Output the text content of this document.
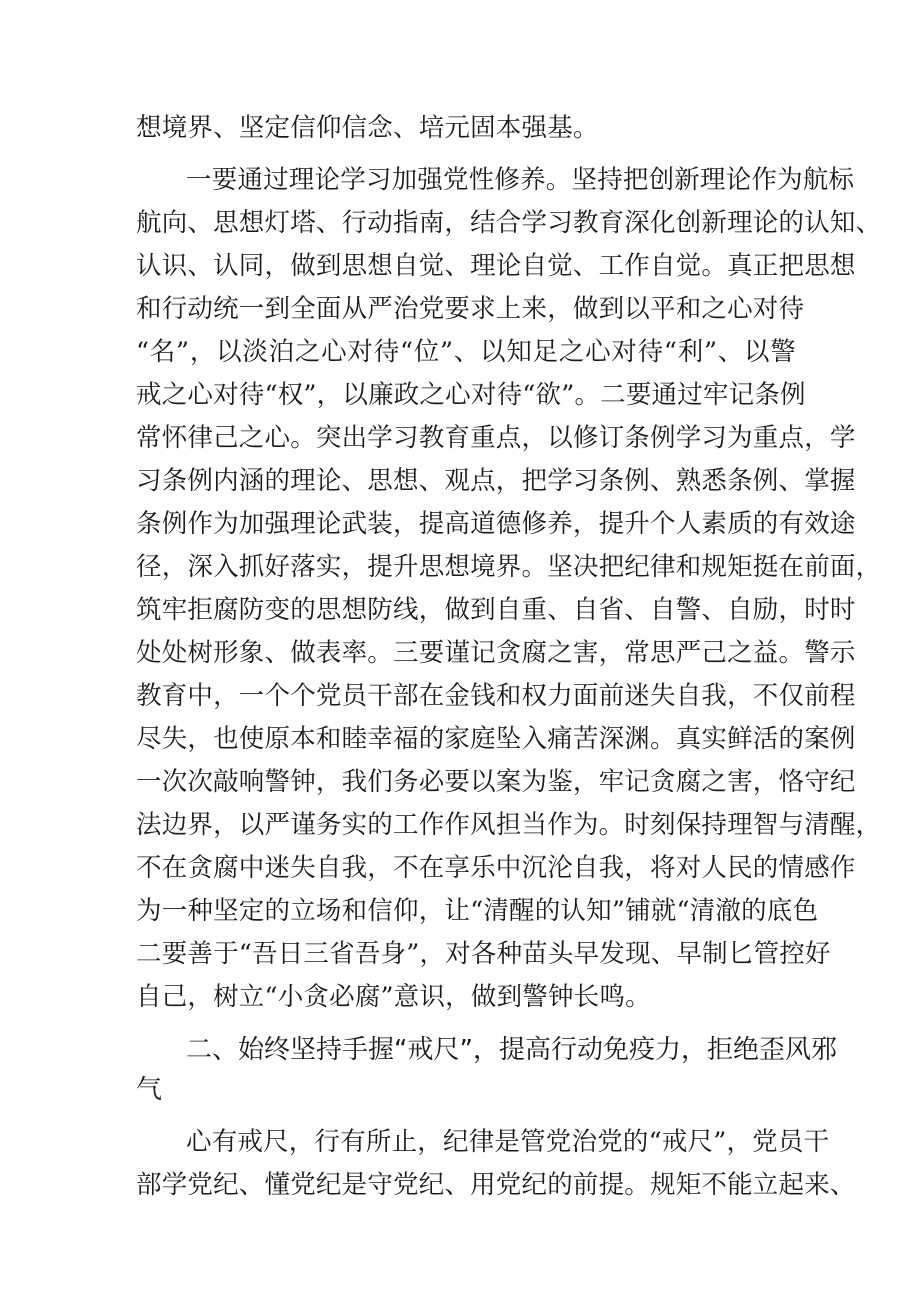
想境界、坚定信仰信念、培元固本强基。
一要通过理论学习加强党性修养。坚持把创新理论作为航标
航向、思想灯塔、行动指南，结合学习教育深化创新理论的认知、
认识、认同，做到思想自觉、理论自觉、工作自觉。真正把思想
和行动统一到全面从严治党要求上来，做到以平和之心对待
“名”，以淡泊之心对待“位”、以知足之心对待“利”、以警
戒之心对待“权”，以廉政之心对待“欲”。二要通过牢记条例
常怀律己之心。突出学习教育重点，以修订条例学习为重点，学
习条例内涵的理论、思想、观点，把学习条例、熟悉条例、掌握
条例作为加强理论武装，提高道德修养，提升个人素质的有效途
径，深入抓好落实，提升思想境界。坚决把纪律和规矩挺在前面，
筑牢拒腐防变的思想防线，做到自重、自省、自警、自励，时时
处处树形象、做表率。三要谨记贪腐之害，常思严己之益。警示
教育中，一个个党员干部在金钱和权力面前迷失自我，不仅前程
尽失，也使原本和睦幸福的家庭坠入痛苦深渊。真实鲜活的案例
一次次敲响警钟，我们务必要以案为鉴，牢记贪腐之害，恪守纪
法边界，以严谨务实的工作作风担当作为。时刻保持理智与清醒，
不在贪腐中迷失自我，不在享乐中沉沦自我，将对人民的情感作
为一种坚定的立场和信仰，让“清醒的认知”铺就“清澈的底色
二要善于“吾日三省吾身”，对各种苗头早发现、早制匕管控好
自己，树立“小贪必腐”意识，做到警钟长鸣。
二、始终坚持手握“戒尺”，提高行动免疫力，拒绝歪风邪
气
心有戒尺，行有所止，纪律是管党治党的“戒尺”，党员干
部学党纪、懂党纪是守党纪、用党纪的前提。规矩不能立起来、
